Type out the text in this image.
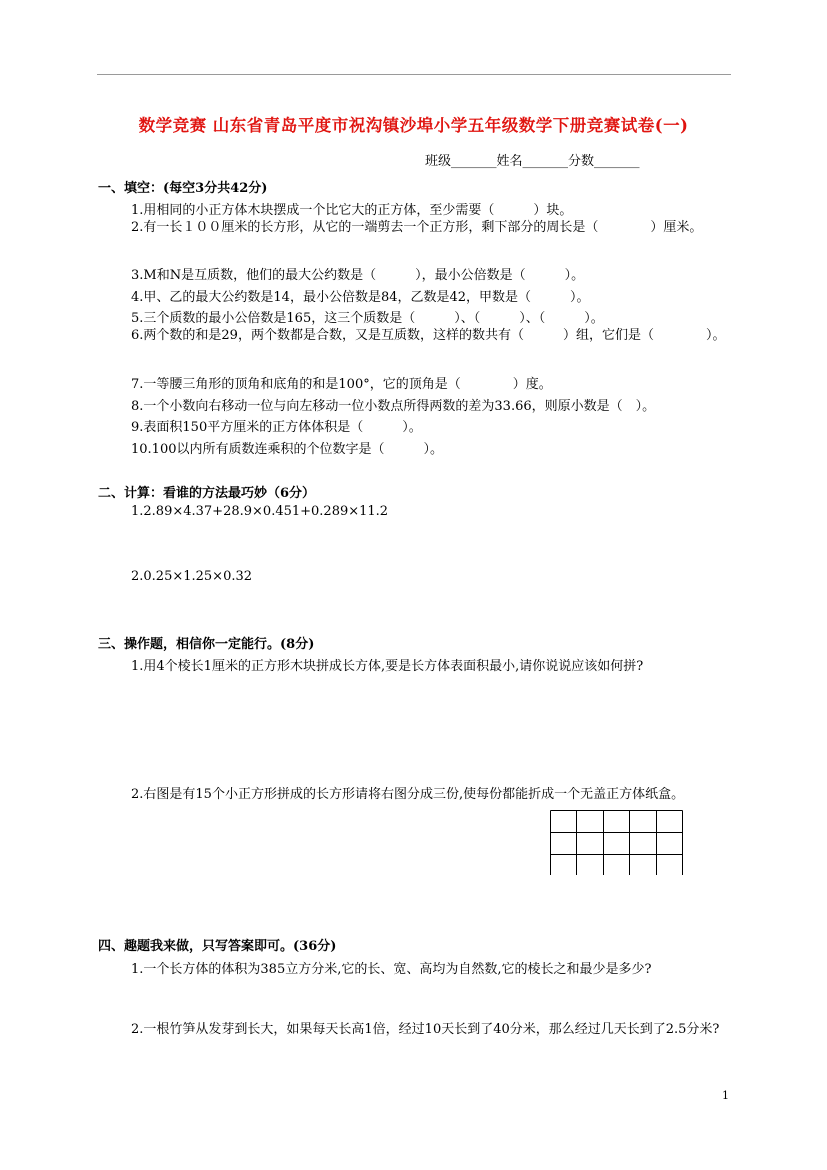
数学竞赛 山东省青岛平度市祝沟镇沙埠小学五年级数学下册竞赛试卷(一)
班级_______姓名_______分数_______
一、填空：(每空3分共42分)
1.用相同的小正方体木块摆成一个比它大的正方体，至少需要（　　　）块。
2.有一长１００厘米的长方形，从它的一端剪去一个正方形，剩下部分的周长是（　　　　）厘米。
3.M和N是互质数，他们的最大公约数是（　　　），最小公倍数是（　　　）。
4.甲、乙的最大公约数是14，最小公倍数是84，乙数是42，甲数是（　　　）。
5.三个质数的最小公倍数是165，这三个质数是（　　　）、（　　　）、（　　　）。
6.两个数的和是29，两个数都是合数，又是互质数，这样的数共有（　　　）组，它们是（　　　　）。
7.一等腰三角形的顶角和底角的和是100°，它的顶角是（　　　　）度。
8.一个小数向右移动一位与向左移动一位小数点所得两数的差为33.66，则原小数是（　）。
9.表面积150平方厘米的正方体体积是（　　　）。
10.100以内所有质数连乘积的个位数字是（　　　）。
二、计算：看谁的方法最巧妙（6分）
1.2.89×4.37+28.9×0.451+0.289×11.2
2.0.25×1.25×0.32
三、操作题，相信你一定能行。(8分)
1.用4个棱长1厘米的正方形木块拼成长方体,要是长方体表面积最小,请你说说应该如何拼?
2.右图是有15个小正方形拼成的长方形请将右图分成三份,使每份都能折成一个无盖正方体纸盒。
四、趣题我来做，只写答案即可。(36分)
1.一个长方体的体积为385立方分米,它的长、宽、高均为自然数,它的棱长之和最少是多少?
2.一根竹笋从发芽到长大，如果每天长高1倍，经过10天长到了40分米，那么经过几天长到了2.5分米?
1
